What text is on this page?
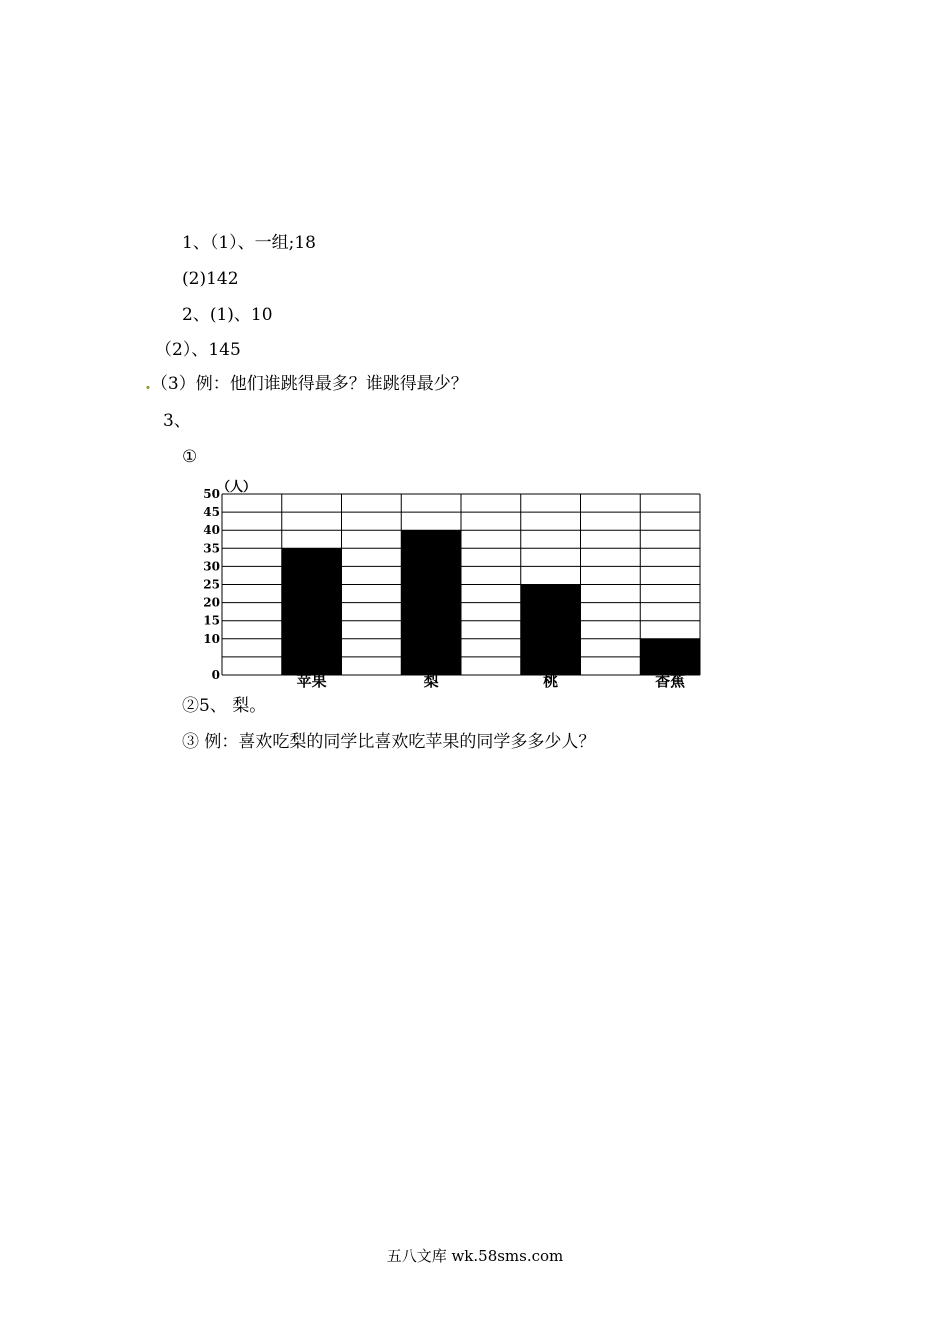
1、（1）、一组;18
(2)142
2、(1)、10
（2）、145
.（3）例：他们谁跳得最多？谁跳得最少？
3、
①
（人）
0
10
15
20
25
30
35
40
45
50
苹果	梨	桃	香蕉
②5、 梨。
③ 例：喜欢吃梨的同学比喜欢吃苹果的同学多多少人？
五八文库 wk.58sms.com
